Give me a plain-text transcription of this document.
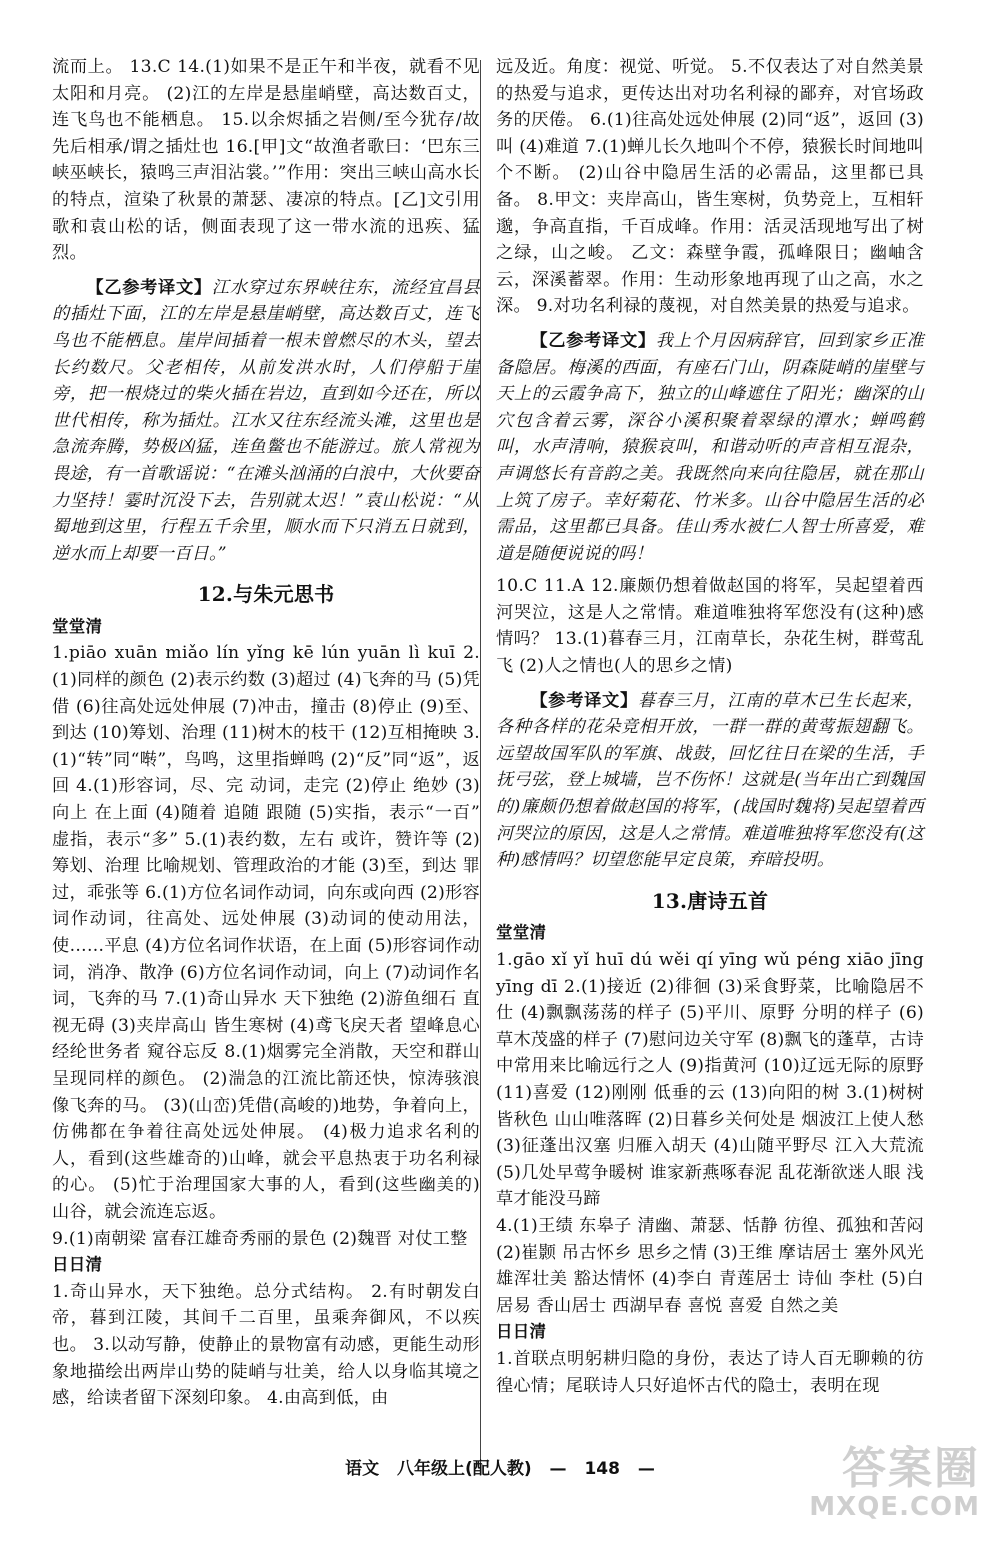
流而上。 13.C 14.(1)如果不是正午和半夜，就看不见太阳和月亮。 (2)江的左岸是悬崖峭壁，高达数百丈，连飞鸟也不能栖息。 15.以余烬插之岩侧/至今犹存/故先后相承/谓之插灶也 16.[甲]文“故渔者歌曰：‘巴东三峡巫峡长，猿鸣三声泪沾裳。’”作用：突出三峡山高水长的特点，渲染了秋景的萧瑟、凄凉的特点。[乙]文引用歌和袁山松的话，侧面表现了这一带水流的迅疾、猛烈。

【乙参考译文】江水穿过东界峡往东，流经宜昌县的插灶下面，江的左岸是悬崖峭壁，高达数百丈，连飞鸟也不能栖息。崖岸间插着一根未曾燃尽的木头，望去长约数尺。父老相传，从前发洪水时，人们停船于崖旁，把一根烧过的柴火插在岩边，直到如今还在，所以世代相传，称为插灶。江水又往东经流头滩，这里也是急流奔腾，势极凶猛，连鱼鳖也不能游过。旅人常视为畏途，有一首歌谣说：“在滩头汹涌的白浪中，大伙要奋力坚持！霎时沉没下去，告别就太迟！”袁山松说：“从蜀地到这里，行程五千余里，顺水而下只消五日就到，逆水而上却要一百日。”

12.与朱元思书

堂堂清

1.piāo xuān miǎo lín yǐng kē lún yuān lì kuī 2.(1)同样的颜色 (2)表示约数 (3)超过 (4)飞奔的马 (5)凭借 (6)往高处远处伸展 (7)冲击，撞击 (8)停止 (9)至、到达 (10)筹划、治理 (11)树木的枝干 (12)互相掩映 3.(1)“转”同“啭”，鸟鸣，这里指蝉鸣 (2)“反”同“返”，返回 4.(1)形容词，尽、完 动词，走完 (2)停止 绝妙 (3)向上 在上面 (4)随着 追随 跟随 (5)实指，表示“一百” 虚指，表示“多” 5.(1)表约数，左右 或许，赞许等 (2)筹划、治理 比喻规划、管理政治的才能 (3)至，到达 罪过，乖张等 6.(1)方位名词作动词，向东或向西 (2)形容词作动词，往高处、远处伸展 (3)动词的使动用法，使……平息 (4)方位名词作状语，在上面 (5)形容词作动词，消净、散净 (6)方位名词作动词，向上 (7)动词作名词，飞奔的马 7.(1)奇山异水 天下独绝 (2)游鱼细石 直视无碍 (3)夹岸高山 皆生寒树 (4)鸢飞戾天者 望峰息心 经纶世务者 窥谷忘反 8.(1)烟雾完全消散，天空和群山呈现同样的颜色。 (2)湍急的江流比箭还快，惊涛骇浪像飞奔的马。 (3)(山峦)凭借(高峻的)地势，争着向上，仿佛都在争着往高处远处伸展。 (4)极力追求名利的人，看到(这些雄奇的)山峰，就会平息热衷于功名利禄的心。 (5)忙于治理国家大事的人，看到(这些幽美的)山谷，就会流连忘返。

9.(1)南朝梁 富春江雄奇秀丽的景色 (2)魏晋 对仗工整

日日清

1.奇山异水，天下独绝。总分式结构。 2.有时朝发白帝，暮到江陵，其间千二百里，虽乘奔御风，不以疾也。 3.以动写静，使静止的景物富有动感，更能生动形象地描绘出两岸山势的陡峭与壮美，给人以身临其境之感，给读者留下深刻印象。 4.由高到低，由

远及近。角度：视觉、听觉。 5.不仅表达了对自然美景的热爱与追求，更传达出对功名利禄的鄙弃，对官场政务的厌倦。 6.(1)往高处远处伸展 (2)同“返”，返回 (3)叫 (4)难道 7.(1)蝉儿长久地叫个不停，猿猴长时间地叫个不断。 (2)山谷中隐居生活的必需品，这里都已具备。 8.甲文：夹岸高山，皆生寒树，负势竞上，互相轩邈，争高直指，千百成峰。作用：活灵活现地写出了树之绿，山之峻。 乙文：森壁争霞，孤峰限日；幽岫含云，深溪蓄翠。作用：生动形象地再现了山之高，水之深。 9.对功名利禄的蔑视，对自然美景的热爱与追求。

【乙参考译文】我上个月因病辞官，回到家乡正准备隐居。梅溪的西面，有座石门山，阴森陡峭的崖壁与天上的云霞争高下，独立的山峰遮住了阳光；幽深的山穴包含着云雾，深谷小溪积聚着翠绿的潭水；蝉鸣鹤叫，水声清响，猿猴哀叫，和谐动听的声音相互混杂，声调悠长有音韵之美。我既然向来向往隐居，就在那山上筑了房子。幸好菊花、竹米多。山谷中隐居生活的必需品，这里都已具备。佳山秀水被仁人智士所喜爱，难道是随便说说的吗！

10.C 11.A 12.廉颇仍想着做赵国的将军，吴起望着西河哭泣，这是人之常情。难道唯独将军您没有(这种)感情吗？ 13.(1)暮春三月，江南草长，杂花生树，群莺乱飞 (2)人之情也(人的思乡之情)

【参考译文】暮春三月，江南的草木已生长起来，各种各样的花朵竞相开放，一群一群的黄莺振翅翻飞。远望故国军队的军旗、战鼓，回忆往日在梁的生活，手抚弓弦，登上城墙，岂不伤怀！这就是(当年出亡到魏国的)廉颇仍想着做赵国的将军，(战国时魏将)吴起望着西河哭泣的原因，这是人之常情。难道唯独将军您没有(这种)感情吗？切望您能早定良策，弃暗投明。

13.唐诗五首

堂堂清

1.gāo xǐ yǐ huī dú wěi qí yīng wǔ péng xiāo jīng yīng dī 2.(1)接近 (2)徘徊 (3)采食野菜，比喻隐居不仕 (4)飘飘荡荡的样子 (5)平川、原野 分明的样子 (6)草木茂盛的样子 (7)慰问边关守军 (8)飘飞的蓬草，古诗中常用来比喻远行之人 (9)指黄河 (10)辽远无际的原野 (11)喜爱 (12)刚刚 低垂的云 (13)向阳的树 3.(1)树树皆秋色 山山唯落晖 (2)日暮乡关何处是 烟波江上使人愁 (3)征蓬出汉塞 归雁入胡天 (4)山随平野尽 江入大荒流 (5)几处早莺争暖树 谁家新燕啄春泥 乱花渐欲迷人眼 浅草才能没马蹄

4.(1)王绩 东皋子 清幽、萧瑟、恬静 彷徨、孤独和苦闷 (2)崔颢 吊古怀乡 思乡之情 (3)王维 摩诘居士 塞外风光 雄浑壮美 豁达情怀 (4)李白 青莲居士 诗仙 李杜 (5)白居易 香山居士 西湖早春 喜悦 喜爱 自然之美

日日清

1.首联点明躬耕归隐的身份，表达了诗人百无聊赖的彷徨心情；尾联诗人只好追怀古代的隐士，表明在现

语文 八年级上(配人教) — 148 —	答案圈
MXQE.COM
